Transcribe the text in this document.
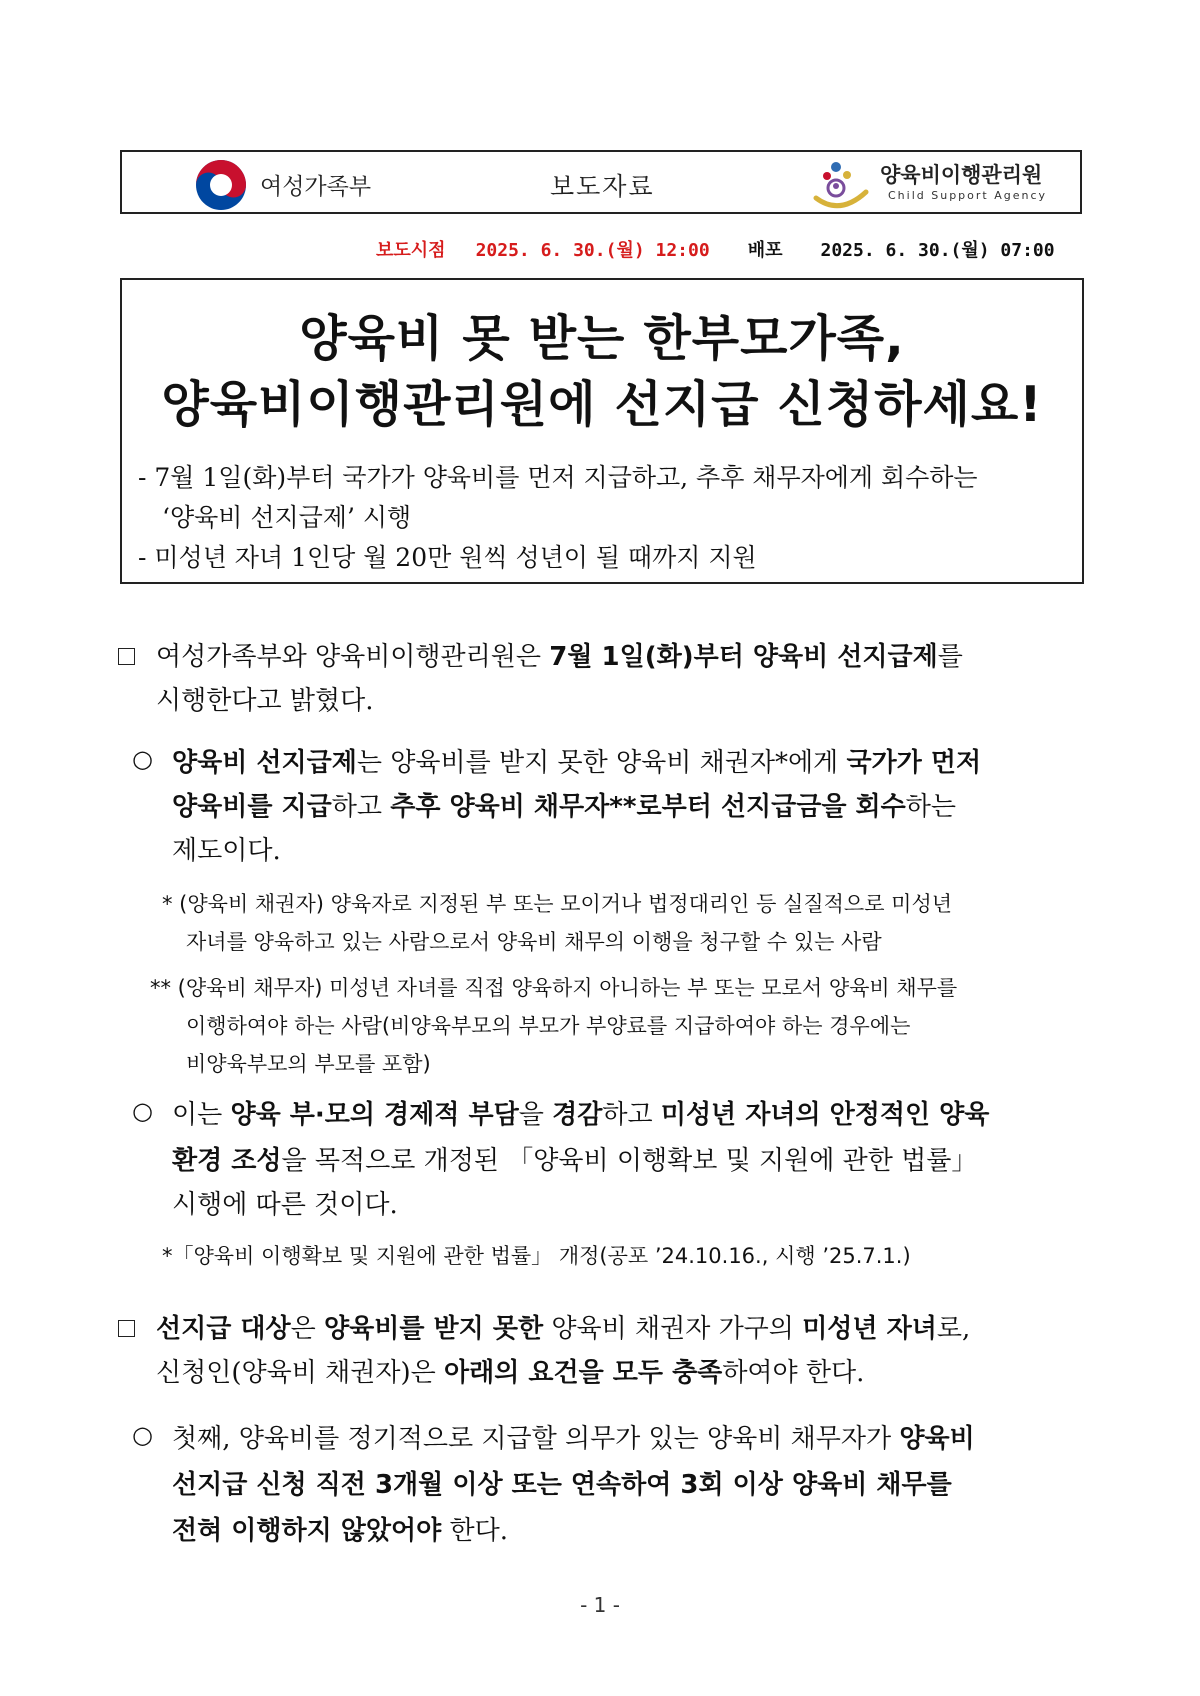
여성가족부	보도자료	양육비이행관리원
Child Support Agency
보도시점 2025. 6. 30.(월) 12:00 배포 2025. 6. 30.(월) 07:00
양육비 못 받는 한부모가족,
양육비이행관리원에 선지급 신청하세요!
- 7월 1일(화)부터 국가가 양육비를 먼저 지급하고, 추후 채무자에게 회수하는
‘양육비 선지급제’ 시행
- 미성년 자녀 1인당 월 20만 원씩 성년이 될 때까지 지원
여성가족부와 양육비이행관리원은 7월 1일(화)부터 양육비 선지급제를
시행한다고 밝혔다.
○ 양육비 선지급제는 양육비를 받지 못한 양육비 채권자*에게 국가가 먼저
양육비를 지급하고 추후 양육비 채무자**로부터 선지급금을 회수하는
제도이다.
* (양육비 채권자) 양육자로 지정된 부 또는 모이거나 법정대리인 등 실질적으로 미성년
자녀를 양육하고 있는 사람으로서 양육비 채무의 이행을 청구할 수 있는 사람
** (양육비 채무자) 미성년 자녀를 직접 양육하지 아니하는 부 또는 모로서 양육비 채무를
이행하여야 하는 사람(비양육부모의 부모가 부양료를 지급하여야 하는 경우에는
비양육부모의 부모를 포함)
○ 이는 양육 부·모의 경제적 부담을 경감하고 미성년 자녀의 안정적인 양육
환경 조성을 목적으로 개정된 「양육비 이행확보 및 지원에 관한 법률」
시행에 따른 것이다.
*「양육비 이행확보 및 지원에 관한 법률」 개정(공포 ’24.10.16., 시행 ’25.7.1.)
선지급 대상은 양육비를 받지 못한 양육비 채권자 가구의 미성년 자녀로,
신청인(양육비 채권자)은 아래의 요건을 모두 충족하여야 한다.
○ 첫째, 양육비를 정기적으로 지급할 의무가 있는 양육비 채무자가 양육비
선지급 신청 직전 3개월 이상 또는 연속하여 3회 이상 양육비 채무를
전혀 이행하지 않았어야 한다.
- 1 -
